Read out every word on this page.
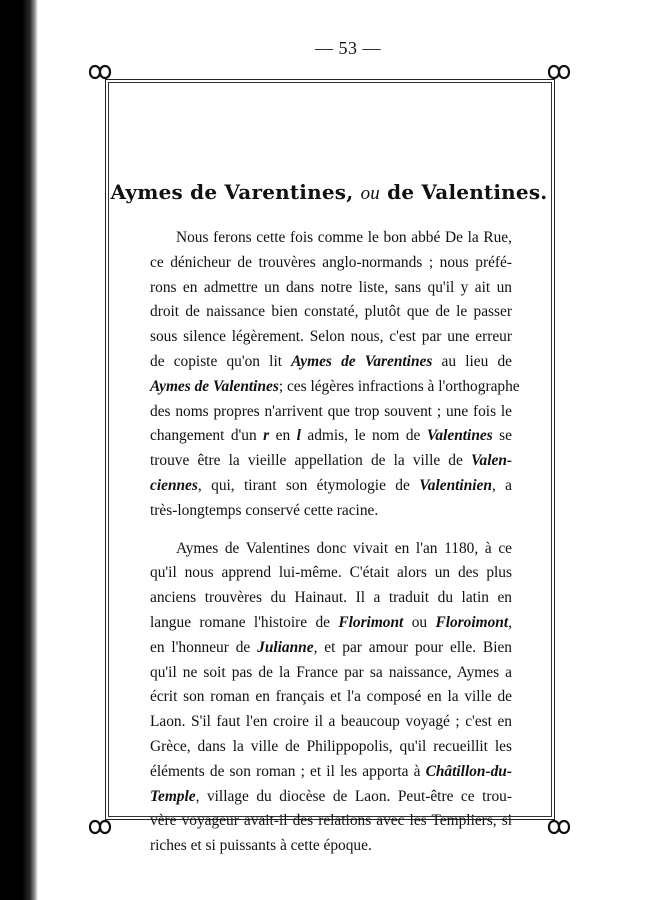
— 53 —
Aymes de Varentines, ou de Valentines.
Nous ferons cette fois comme le bon abbé De la Rue,
ce dénicheur de trouvères anglo-normands ; nous préfé-
rons en admettre un dans notre liste, sans qu'il y ait un
droit de naissance bien constaté, plutôt que de le passer
sous silence légèrement. Selon nous, c'est par une erreur
de copiste qu'on lit Aymes de Varentines au lieu de
Aymes de Valentines; ces légères infractions à l'orthographe
des noms propres n'arrivent que trop souvent ; une fois le
changement d'un r en l admis, le nom de Valentines se
trouve être la vieille appellation de la ville de Valen-
ciennes, qui, tirant son étymologie de Valentinien, a
très-longtemps conservé cette racine.
Aymes de Valentines donc vivait en l'an 1180, à ce
qu'il nous apprend lui-même. C'était alors un des plus
anciens trouvères du Hainaut. Il a traduit du latin en
langue romane l'histoire de Florimont ou Floroimont,
en l'honneur de Julianne, et par amour pour elle. Bien
qu'il ne soit pas de la France par sa naissance, Aymes a
écrit son roman en français et l'a composé en la ville de
Laon. S'il faut l'en croire il a beaucoup voyagé ; c'est en
Grèce, dans la ville de Philippopolis, qu'il recueillit les
éléments de son roman ; et il les apporta à Châtillon-du-
Temple, village du diocèse de Laon. Peut-être ce trou-
vère voyageur avait-il des relations avec les Templiers, si
riches et si puissants à cette époque.
